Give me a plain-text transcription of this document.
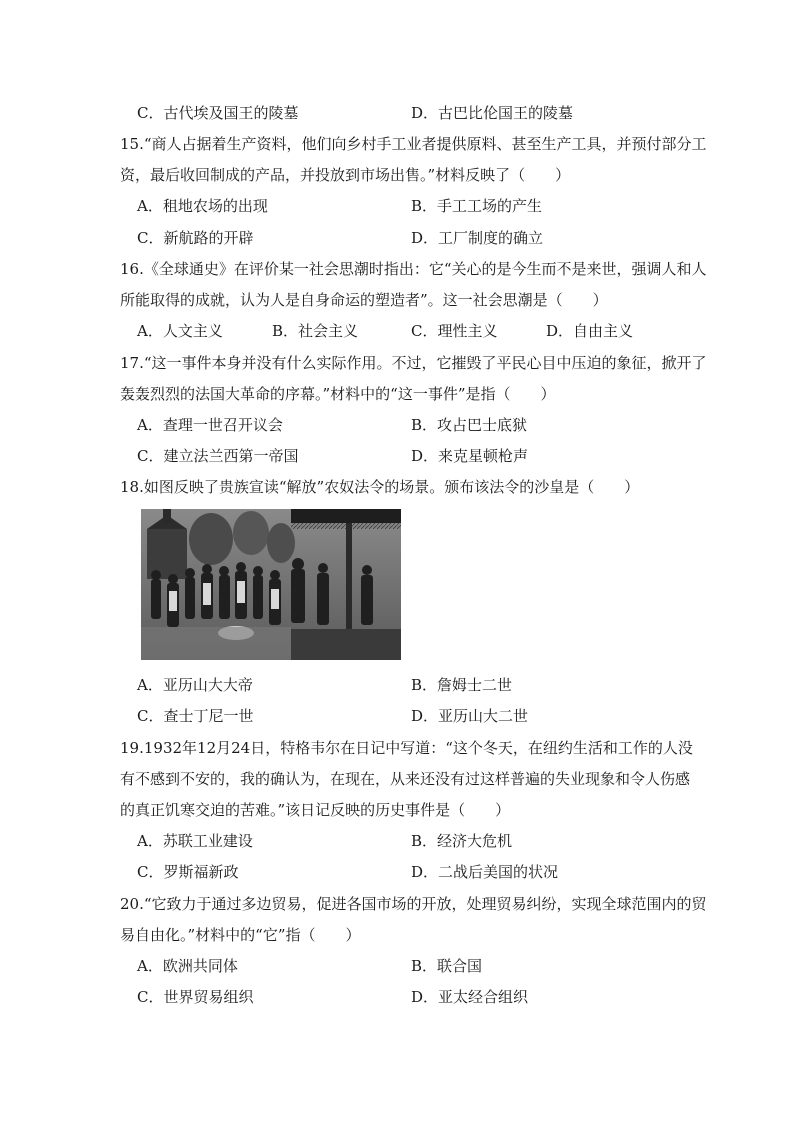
C．古代埃及国王的陵墓	D．古巴比伦国王的陵墓
15.“商人占据着生产资料，他们向乡村手工业者提供原料、甚至生产工具，并预付部分工
资，最后收回制成的产品，并投放到市场出售。”材料反映了（　　）
A．租地农场的出现	B．手工工场的产生
C．新航路的开辟	D．工厂制度的确立
16.《全球通史》在评价某一社会思潮时指出：它“关心的是今生而不是来世，强调人和人
所能取得的成就，认为人是自身命运的塑造者”。这一社会思潮是（　　）
A．人文主义	B．社会主义	C．理性主义	D．自由主义
17.“这一事件本身并没有什么实际作用。不过，它摧毁了平民心目中压迫的象征，掀开了
轰轰烈烈的法国大革命的序幕。”材料中的“这一事件”是指（　　）
A．查理一世召开议会	B．攻占巴士底狱
C．建立法兰西第一帝国	D．来克星顿枪声
18.如图反映了贵族宣读“解放”农奴法令的场景。颁布该法令的沙皇是（　　）
A．亚历山大大帝	B．詹姆士二世
C．查士丁尼一世	D．亚历山大二世
19.1932年12月24日，特格韦尔在日记中写道：“这个冬天，在纽约生活和工作的人没
有不感到不安的，我的确认为，在现在，从来还没有过这样普遍的失业现象和令人伤感
的真正饥寒交迫的苦难。”该日记反映的历史事件是（　　）
A．苏联工业建设	B．经济大危机
C．罗斯福新政	D．二战后美国的状况
20.“它致力于通过多边贸易，促进各国市场的开放，处理贸易纠纷，实现全球范围内的贸
易自由化。”材料中的“它”指（　　）
A．欧洲共同体	B．联合国
C．世界贸易组织	D．亚太经合组织
